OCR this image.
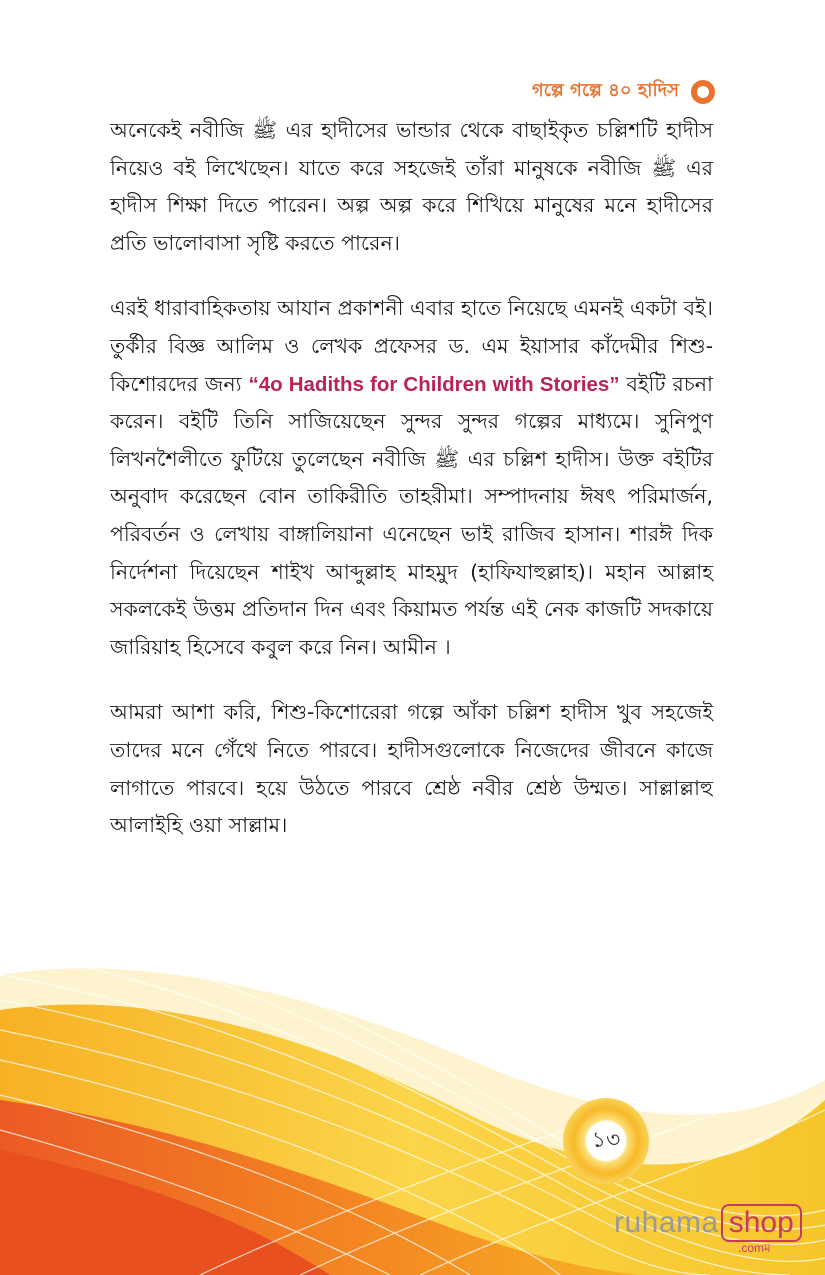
গল্পে গল্পে ৪০ হাদিস

অনেকেই নবীজি ﷺ এর হাদীসের ভান্ডার থেকে বাছাইকৃত চল্লিশটি হাদীস নিয়েও বই লিখেছেন। যাতে করে সহজেই তাঁরা মানুষকে নবীজি ﷺ এর হাদীস শিক্ষা দিতে পারেন। অল্প অল্প করে শিখিয়ে মানুষের মনে হাদীসের প্রতি ভালোবাসা সৃষ্টি করতে পারেন।

এরই ধারাবাহিকতায় আযান প্রকাশনী এবার হাতে নিয়েছে এমনই একটা বই। তুর্কীর বিজ্ঞ আলিম ও লেখক প্রফেসর ড. এম ইয়াসার কাঁদেমীর শিশু-কিশোরদের জন্য “4o Hadiths for Children with Stories” বইটি রচনা করেন। বইটি তিনি সাজিয়েছেন সুন্দর সুন্দর গল্পের মাধ্যমে। সুনিপুণ লিখনশৈলীতে ফুটিয়ে তুলেছেন নবীজি ﷺ এর চল্লিশ হাদীস। উক্ত বইটির অনুবাদ করেছেন বোন তাকিরীতি তাহরীমা। সম্পাদনায় ঈষৎ পরিমার্জন, পরিবর্তন ও লেখায় বাঙ্গালিয়ানা এনেছেন ভাই রাজিব হাসান। শারঈ দিক নির্দেশনা দিয়েছেন শাইখ আব্দুল্লাহ মাহমুদ (হাফিযাহুল্লাহ)। মহান আল্লাহ সকলকেই উত্তম প্রতিদান দিন এবং কিয়ামত পর্যন্ত এই নেক কাজটি সদকায়ে জারিয়াহ হিসেবে কবুল করে নিন। আমীন ।

আমরা আশা করি, শিশু-কিশোরেরা গল্পে আঁকা চল্লিশ হাদীস খুব সহজেই তাদের মনে গেঁথে নিতে পারবে। হাদীসগুলোকে নিজেদের জীবনে কাজে লাগাতে পারবে। হয়ে উঠতে পারবে শ্রেষ্ঠ নবীর শ্রেষ্ঠ উম্মত। সাল্লাল্লাহু আলাইহি ওয়া সাল্লাম।

১৩
ruhama shop
.comম
